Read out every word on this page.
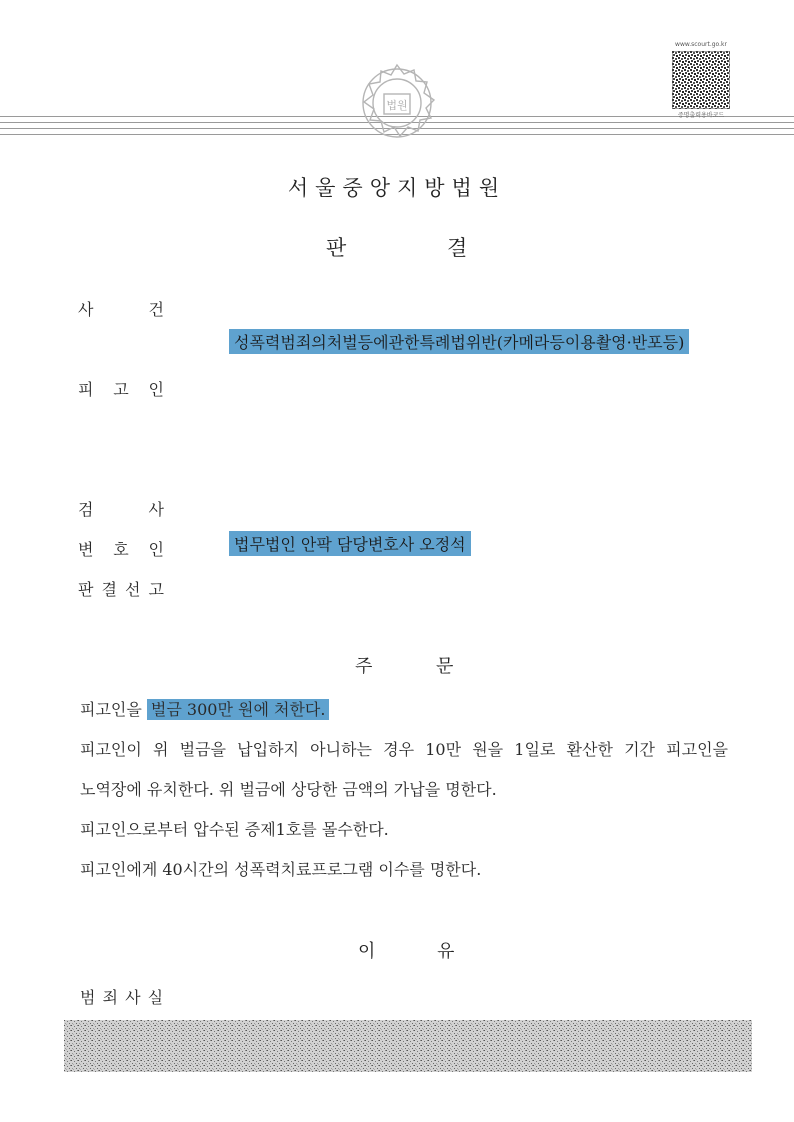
법원
www.scourt.go.kr
증명출력용바코드
서울중앙지방법원
판	결
사	건
성폭력범죄의처벌등에관한특례법위반(카메라등이용촬영·반포등)
피 고 인
검	사
변 호 인	법무법인 안팍 담당변호사 오정석
판 결 선 고
주	문
피고인을 벌금 300만 원에 처한다.
피고인이 위 벌금을 납입하지 아니하는 경우 10만 원을 1일로 환산한 기간 피고인을
노역장에 유치한다. 위 벌금에 상당한 금액의 가납을 명한다.
피고인으로부터 압수된 증제1호를 몰수한다.
피고인에게 40시간의 성폭력치료프로그램 이수를 명한다.
이	유
범 죄 사 실
